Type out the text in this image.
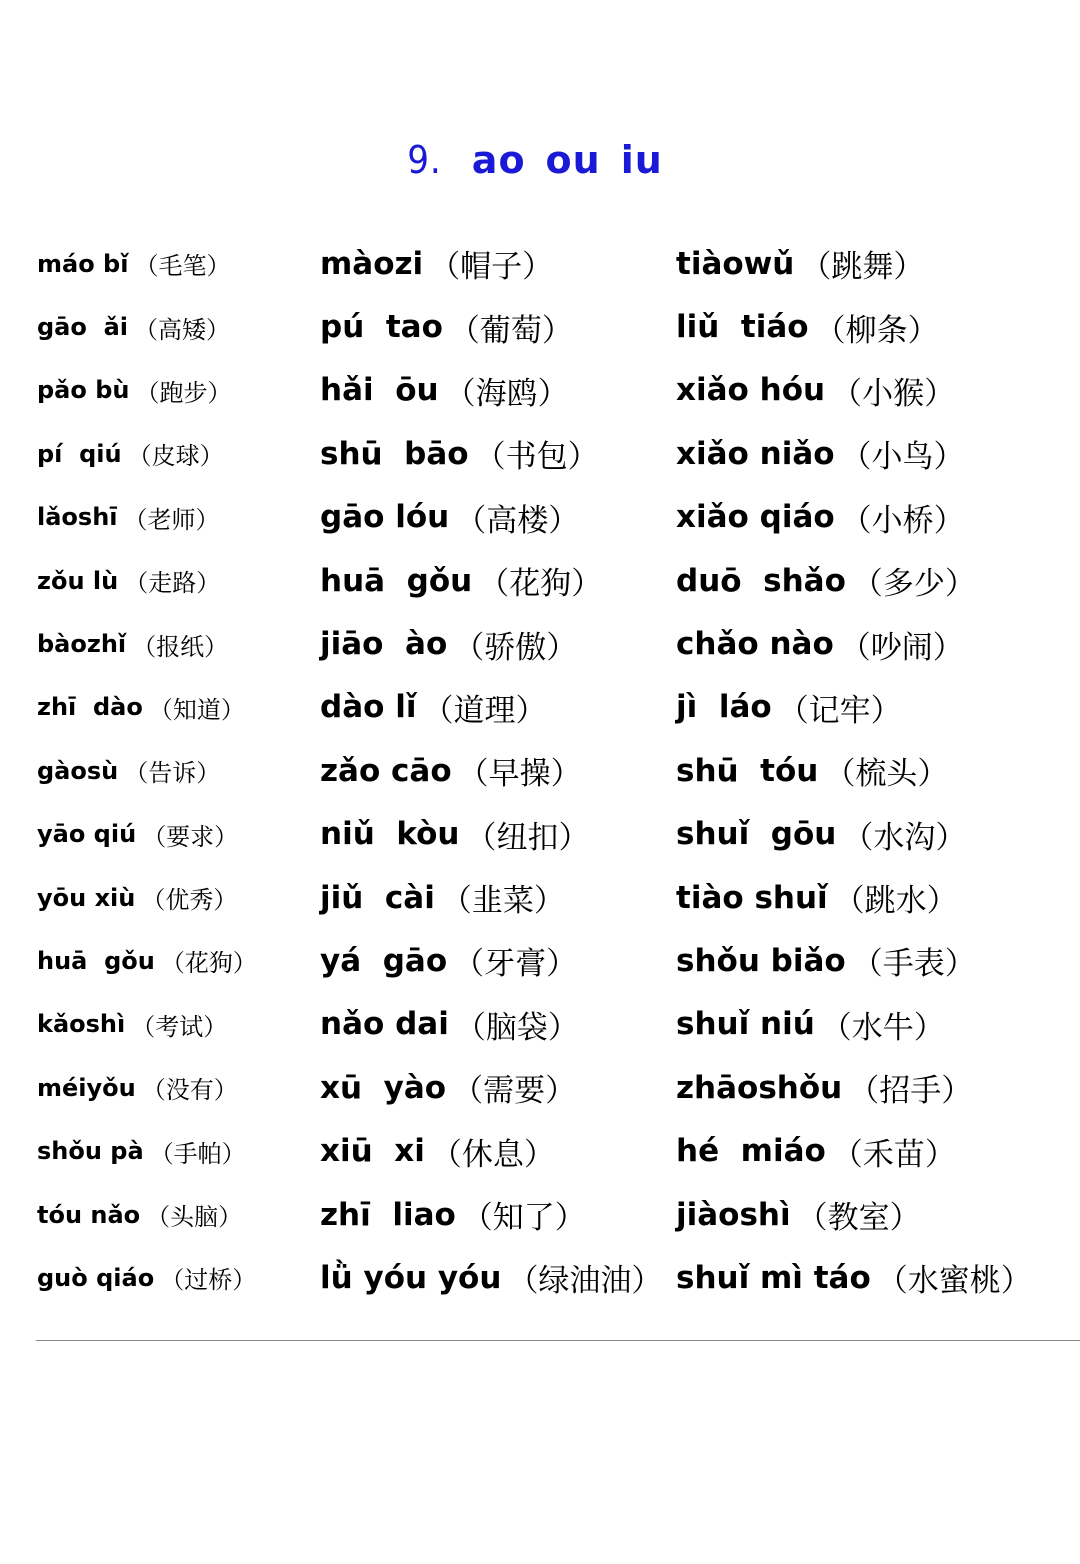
9. ao ou iu
máo bǐ （毛笔）
gāo  ǎi （高矮）
pǎo bù （跑步）
pí  qiú （皮球）
lǎoshī （老师）
zǒu lù （走路）
bàozhǐ （报纸）
zhī  dào （知道）
gàosù （告诉）
yāo qiú （要求）
yōu xiù （优秀）
huā  gǒu （花狗）
kǎoshì （考试）
méiyǒu （没有）
shǒu pà （手帕）
tóu nǎo （头脑）
guò qiáo （过桥）
màozi （帽子）
pú  tao （葡萄）
hǎi  ōu （海鸥）
shū  bāo （书包）
gāo lóu （高楼）
huā  gǒu （花狗）
jiāo  ào （骄傲）
dào lǐ （道理）
zǎo cāo （早操）
niǔ  kòu （纽扣）
jiǔ  cài （韭菜）
yá  gāo （牙膏）
nǎo dai （脑袋）
xū  yào （需要）
xiū  xi （休息）
zhī  liao （知了）
lǜ yóu yóu （绿油油）
tiàowǔ （跳舞）
liǔ  tiáo （柳条）
xiǎo hóu （小猴）
xiǎo niǎo （小鸟）
xiǎo qiáo （小桥）
duō  shǎo （多少）
chǎo nào （吵闹）
jì  láo （记牢）
shū  tóu （梳头）
shuǐ  gōu （水沟）
tiào shuǐ （跳水）
shǒu biǎo （手表）
shuǐ niú （水牛）
zhāoshǒu （招手）
hé  miáo （禾苗）
jiàoshì （教室）
shuǐ mì táo （水蜜桃）
